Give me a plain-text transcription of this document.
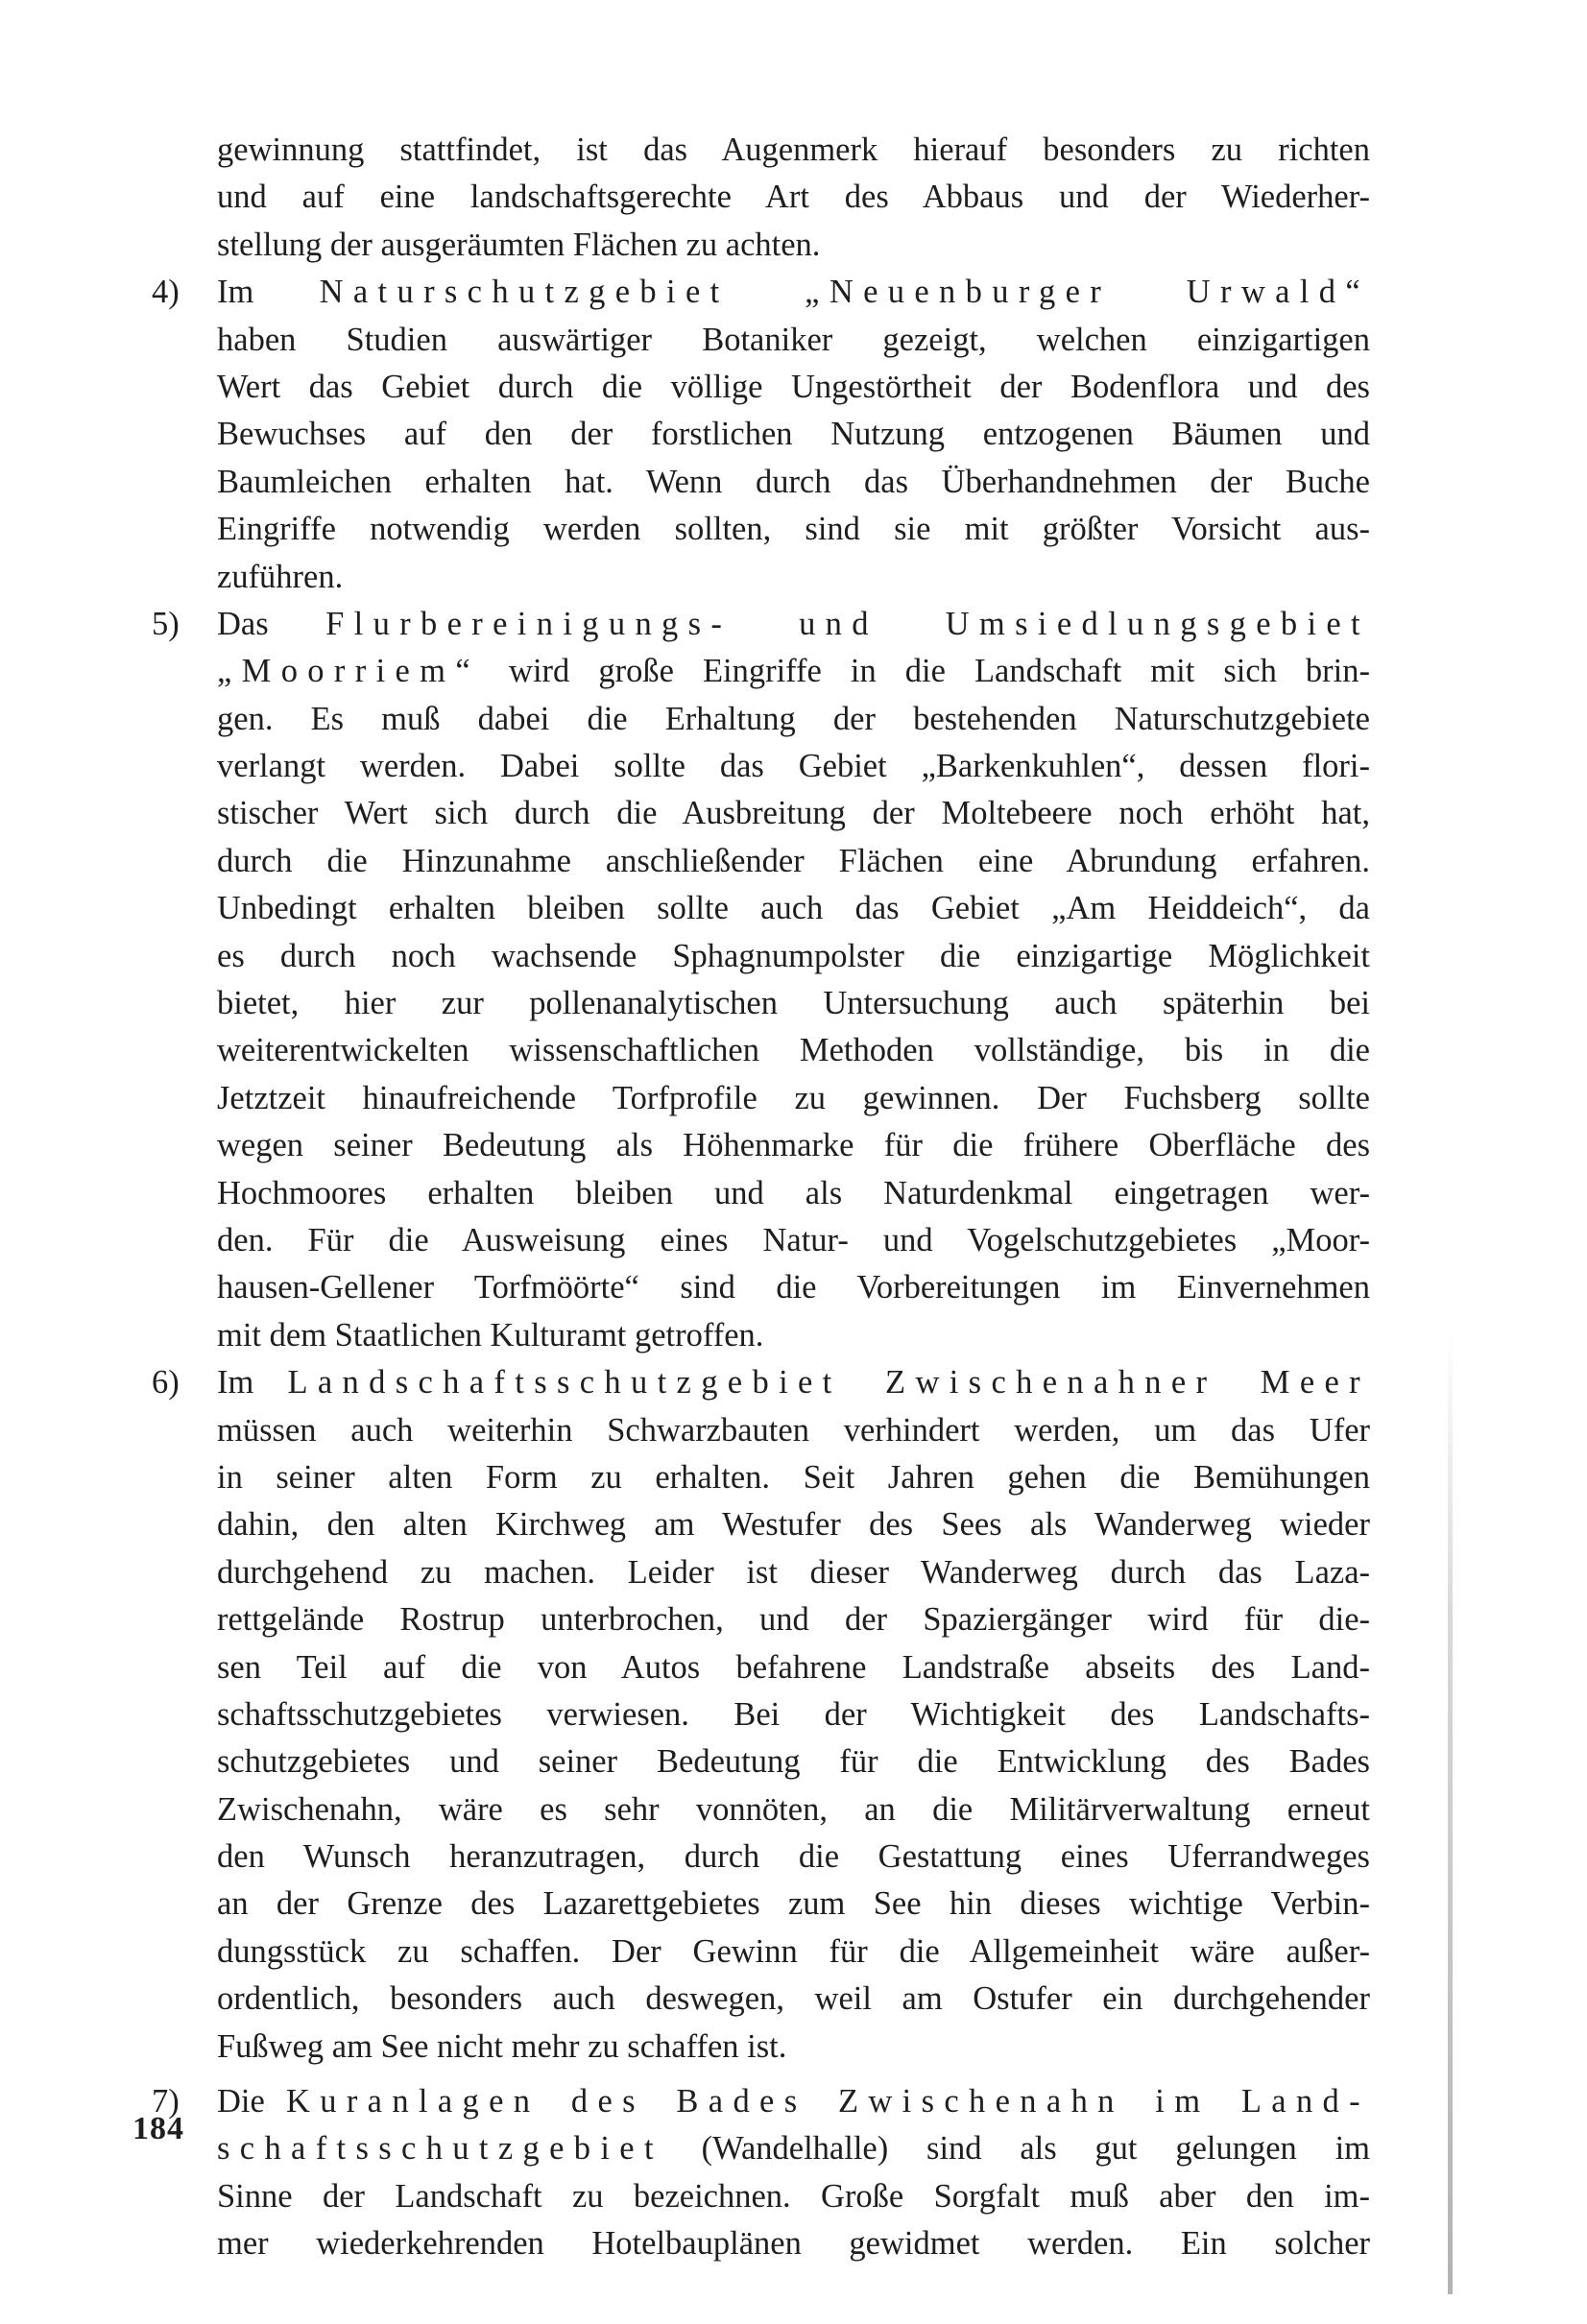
gewinnung stattfindet, ist das Augenmerk hierauf besonders zu richten
und auf eine landschaftsgerechte Art des Abbaus und der Wiederher-
stellung der ausgeräumten Flächen zu achten.
4)	Im Naturschutzgebiet „Neuenburger Urwald“
haben Studien auswärtiger Botaniker gezeigt, welchen einzigartigen
Wert das Gebiet durch die völlige Ungestörtheit der Bodenflora und des
Bewuchses auf den der forstlichen Nutzung entzogenen Bäumen und
Baumleichen erhalten hat. Wenn durch das Überhandnehmen der Buche
Eingriffe notwendig werden sollten, sind sie mit größter Vorsicht aus-
zuführen.
5)	Das Flurbereinigungs- und Umsiedlungsgebiet
„Moorriem“ wird große Eingriffe in die Landschaft mit sich brin-
gen. Es muß dabei die Erhaltung der bestehenden Naturschutzgebiete
verlangt werden. Dabei sollte das Gebiet „Barkenkuhlen“, dessen flori-
stischer Wert sich durch die Ausbreitung der Moltebeere noch erhöht hat,
durch die Hinzunahme anschließender Flächen eine Abrundung erfahren.
Unbedingt erhalten bleiben sollte auch das Gebiet „Am Heiddeich“, da
es durch noch wachsende Sphagnumpolster die einzigartige Möglichkeit
bietet, hier zur pollenanalytischen Untersuchung auch späterhin bei
weiterentwickelten wissenschaftlichen Methoden vollständige, bis in die
Jetztzeit hinaufreichende Torfprofile zu gewinnen. Der Fuchsberg sollte
wegen seiner Bedeutung als Höhenmarke für die frühere Oberfläche des
Hochmoores erhalten bleiben und als Naturdenkmal eingetragen wer-
den. Für die Ausweisung eines Natur- und Vogelschutzgebietes „Moor-
hausen-Gellener Torfmöörte“ sind die Vorbereitungen im Einvernehmen
mit dem Staatlichen Kulturamt getroffen.
6)	Im Landschaftsschutzgebiet Zwischenahner Meer
müssen auch weiterhin Schwarzbauten verhindert werden, um das Ufer
in seiner alten Form zu erhalten. Seit Jahren gehen die Bemühungen
dahin, den alten Kirchweg am Westufer des Sees als Wanderweg wieder
durchgehend zu machen. Leider ist dieser Wanderweg durch das Laza-
rettgelände Rostrup unterbrochen, und der Spaziergänger wird für die-
sen Teil auf die von Autos befahrene Landstraße abseits des Land-
schaftsschutzgebietes verwiesen. Bei der Wichtigkeit des Landschafts-
schutzgebietes und seiner Bedeutung für die Entwicklung des Bades
Zwischenahn, wäre es sehr vonnöten, an die Militärverwaltung erneut
den Wunsch heranzutragen, durch die Gestattung eines Uferrandweges
an der Grenze des Lazarettgebietes zum See hin dieses wichtige Verbin-
dungsstück zu schaffen. Der Gewinn für die Allgemeinheit wäre außer-
ordentlich, besonders auch deswegen, weil am Ostufer ein durchgehender
Fußweg am See nicht mehr zu schaffen ist.
7)	Die Kuranlagen des Bades Zwischenahn im Land-
schaftsschutzgebiet (Wandelhalle) sind als gut gelungen im
Sinne der Landschaft zu bezeichnen. Große Sorgfalt muß aber den im-
mer wiederkehrenden Hotelbauplänen gewidmet werden. Ein solcher
184
